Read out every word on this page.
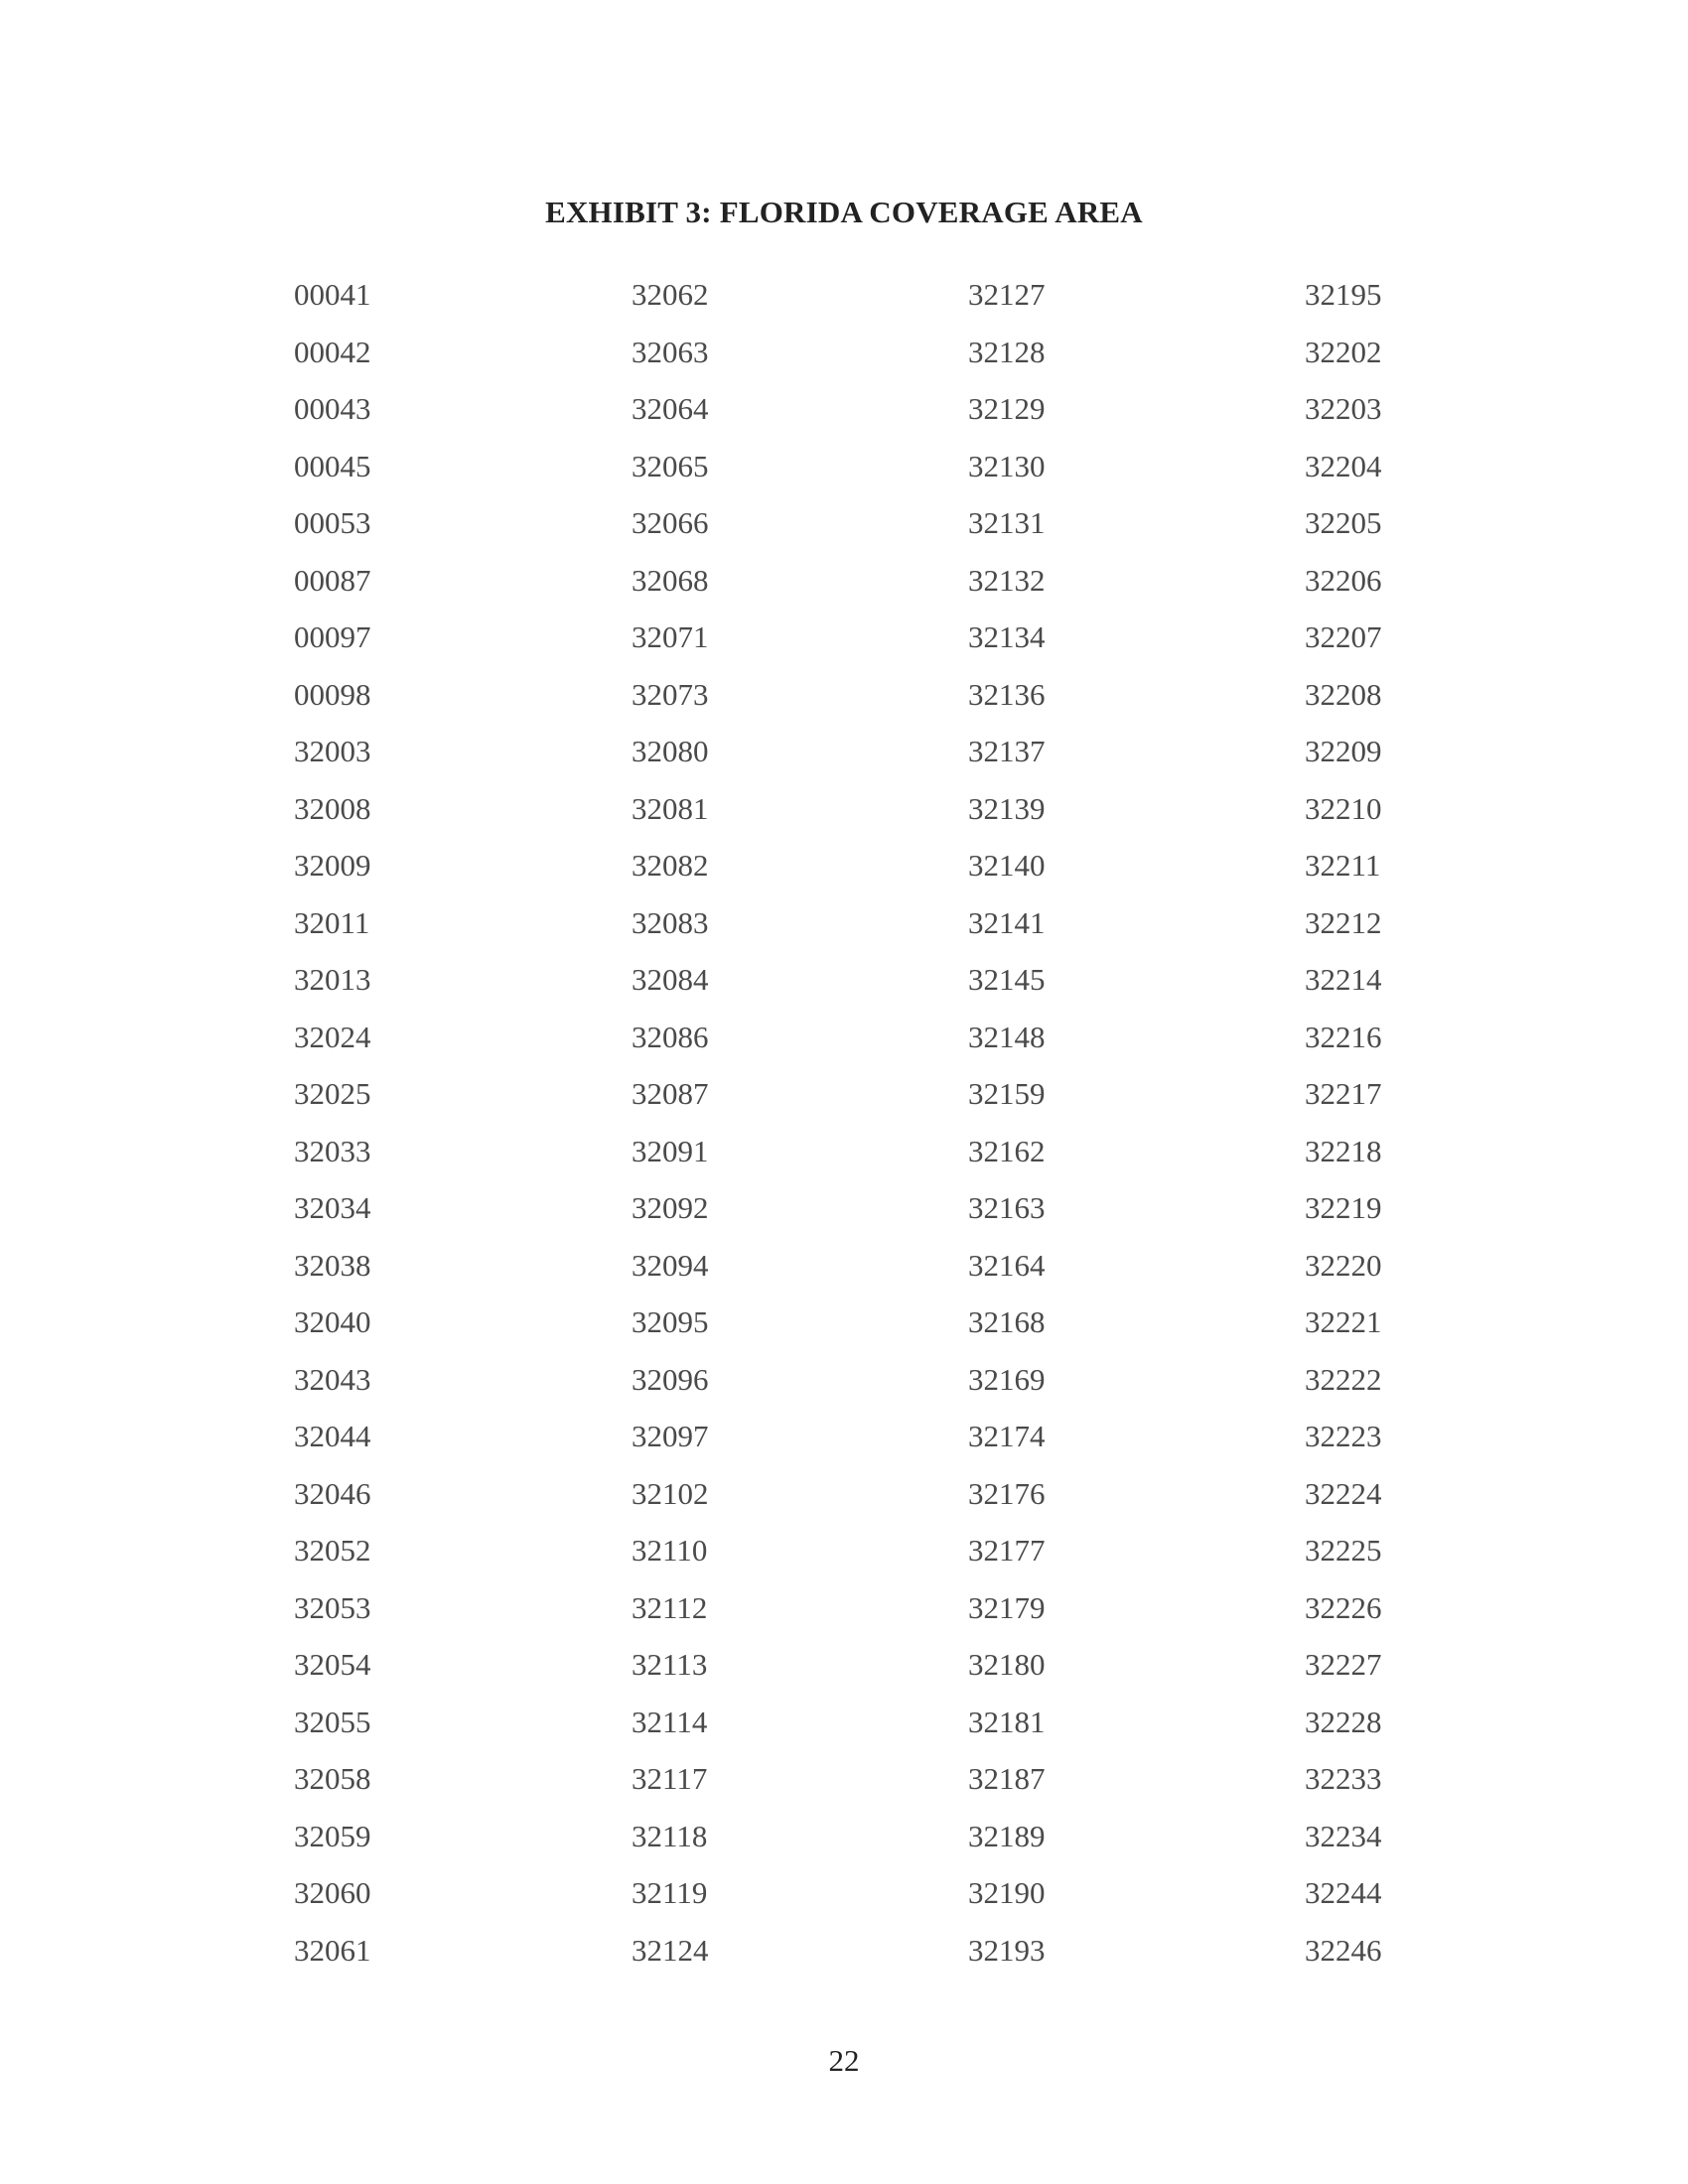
EXHIBIT 3: FLORIDA COVERAGE AREA
00041
00042
00043
00045
00053
00087
00097
00098
32003
32008
32009
32011
32013
32024
32025
32033
32034
32038
32040
32043
32044
32046
32052
32053
32054
32055
32058
32059
32060
32061
32062
32063
32064
32065
32066
32068
32071
32073
32080
32081
32082
32083
32084
32086
32087
32091
32092
32094
32095
32096
32097
32102
32110
32112
32113
32114
32117
32118
32119
32124
32127
32128
32129
32130
32131
32132
32134
32136
32137
32139
32140
32141
32145
32148
32159
32162
32163
32164
32168
32169
32174
32176
32177
32179
32180
32181
32187
32189
32190
32193
32195
32202
32203
32204
32205
32206
32207
32208
32209
32210
32211
32212
32214
32216
32217
32218
32219
32220
32221
32222
32223
32224
32225
32226
32227
32228
32233
32234
32244
32246
22
